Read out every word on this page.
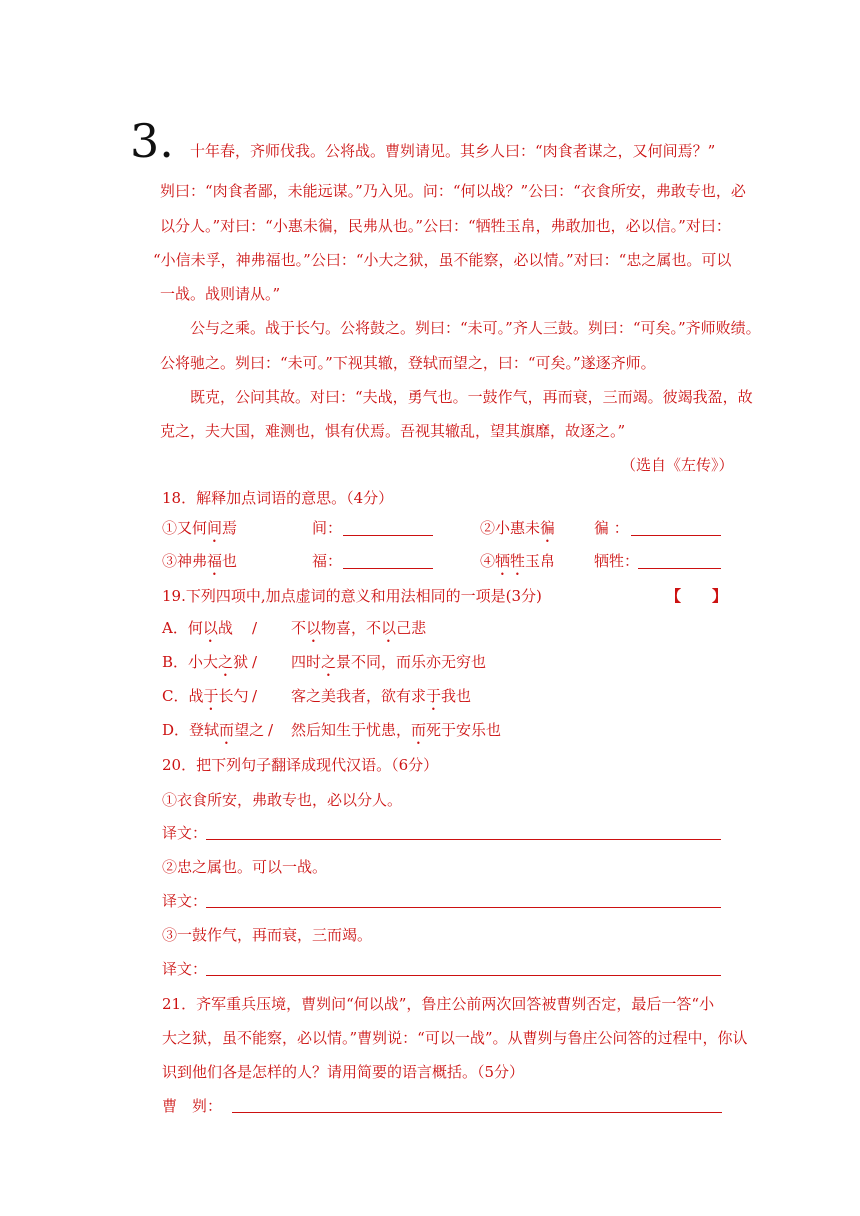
3. 十年春，齐师伐我。公将战。曹刿请见。其乡人曰：“肉食者谋之，又何间焉？”

刿曰：“肉食者鄙，未能远谋。”乃入见。问：“何以战？”公曰：“衣食所安，弗敢专也，必

以分人。”对曰：“小惠未徧，民弗从也。”公曰：“牺牲玉帛，弗敢加也，必以信。”对曰：

“小信未孚，神弗福也。”公曰：“小大之狱，虽不能察，必以情。”对曰：“忠之属也。可以

一战。战则请从。”

公与之乘。战于长勺。公将鼓之。刿曰：“未可。”齐人三鼓。刿曰：“可矣。”齐师败绩。

公将驰之。刿曰：“未可。”下视其辙，登轼而望之，曰：“可矣。”遂逐齐师。

既克，公问其故。对曰：“夫战，勇气也。一鼓作气，再而衰，三而竭。彼竭我盈，故

克之，夫大国，难测也，惧有伏焉。吾视其辙乱，望其旗靡，故逐之。”

（选自《左传》）

18．解释加点词语的意思。（4分）

①又何间焉	间：	②小惠未徧	徧 ：

③神弗福也	福：	④牺牲玉帛	牺牲：

19.下列四项中,加点虚词的意义和用法相同的一项是(3分)	【 】

A．何以战 / 不以物喜，不以己悲

B．小大之狱 / 四时之景不同，而乐亦无穷也

C．战于长勺 / 客之美我者，欲有求于我也

D．登轼而望之 / 然后知生于忧患，而死于安乐也

20．把下列句子翻译成现代汉语。（6分）

①衣食所安，弗敢专也，必以分人。

译文：

②忠之属也。可以一战。

译文：

③一鼓作气，再而衰，三而竭。

译文：

21．齐军重兵压境，曹刿问“何以战”，鲁庄公前两次回答被曹刿否定，最后一答“小

大之狱，虽不能察，必以情。”曹刿说：“可以一战”。从曹刿与鲁庄公问答的过程中，你认

识到他们各是怎样的人？请用简要的语言概括。（5分）

曹　刿：
